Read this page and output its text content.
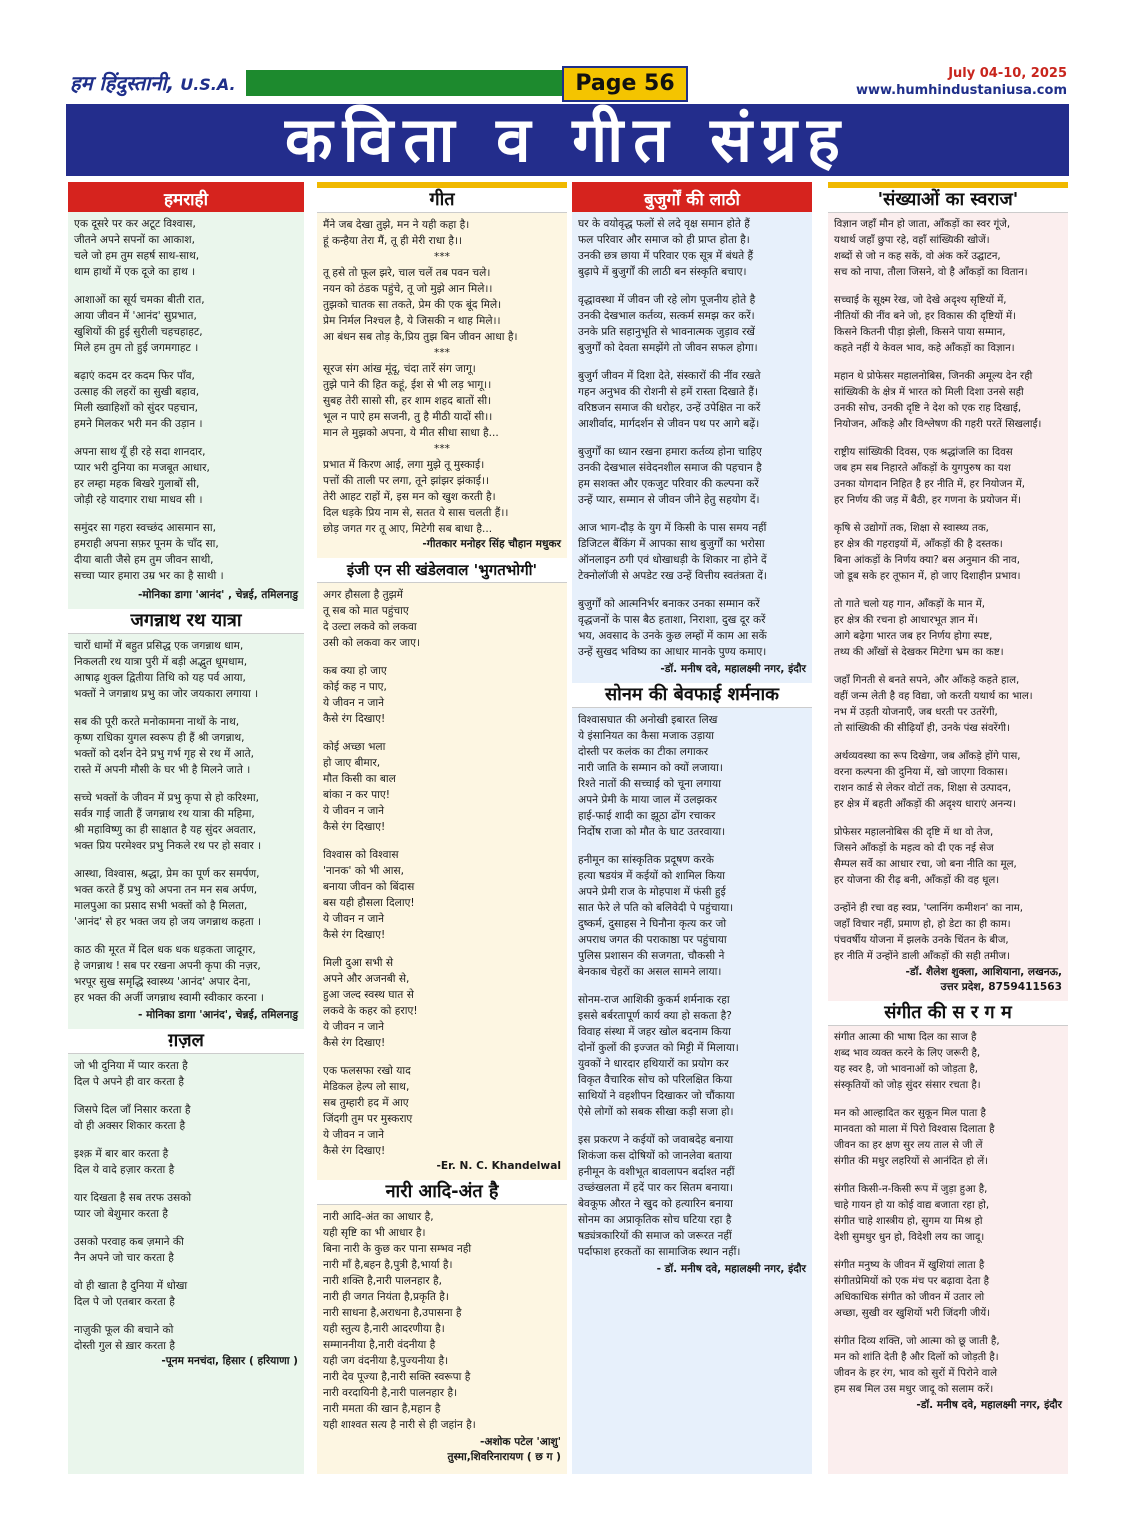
हम हिंदुस्तानी, U.S.A.	Page 56	July 04-10, 2025
www.humhindustaniusa.com
कविता व गीत संग्रह
हमराही

एक दूसरे पर कर अटूट विश्वास,
जीतने अपने सपनों का आकाश,
चले जो हम तुम सहर्ष साथ-साथ,
थाम हाथों में एक दूजे का हाथ ।

आशाओं का सूर्य चमका बीती रात,
आया जीवन में 'आनंद' सुप्रभात,
खुशियों की हुई सुरीली चहचहाहट,
मिले हम तुम तो हुई जगमगाहट ।

बढ़ाएं कदम दर कदम फिर पाँव,
उत्साह की लहरों का सुखी बहाव,
मिली ख्वाहिशों को सुंदर पहचान,
हमने मिलकर भरी मन की उड़ान ।

अपना साथ यूँ ही रहे सदा शानदार,
प्यार भरी दुनिया का मजबूत आधार,
हर लम्हा महक बिखरे गुलाबों सी,
जोड़ी रहे यादगार राधा माधव सी ।

समुंदर सा गहरा स्वच्छंद आसमान सा,
हमराही अपना सफ़र पूनम के चाँद सा,
दीया बाती जैसे हम तुम जीवन साथी,
सच्चा प्यार हमारा उम्र भर का है साथी ।

-मोनिका डागा 'आनंद' , चेन्नई, तमिलनाडु
जगन्नाथ रथ यात्रा

चारों धामों में बहुत प्रसिद्ध एक जगन्नाथ धाम,
निकलती रथ यात्रा पुरी में बड़ी अद्भुत धूमधाम,
आषाढ़ शुक्ल द्वितीया तिथि को यह पर्व आया,
भक्तों ने जगन्नाथ प्रभु का जोर जयकारा लगाया ।

सब की पूरी करते मनोकामना नाथों के नाथ,
कृष्ण राधिका युगल स्वरूप ही हैं श्री जगन्नाथ,
भक्तों को दर्शन देने प्रभु गर्भ गृह से रथ में आते,
रास्ते में अपनी मौसी के घर भी है मिलने जाते ।

सच्चे भक्तों के जीवन में प्रभु कृपा से हो करिश्मा,
सर्वत्र गाई जाती हैं जगन्नाथ रथ यात्रा की महिमा,
श्री महाविष्णु का ही साक्षात है यह सुंदर अवतार,
भक्त प्रिय परमेश्वर प्रभु निकले रथ पर हो सवार ।

आस्था, विश्वास, श्रद्धा, प्रेम का पूर्ण कर समर्पण,
भक्त करते हैं प्रभु को अपना तन मन सब अर्पण,
मालपुआ का प्रसाद सभी भक्तों को है मिलता,
'आनंद' से हर भक्त जय हो जय जगन्नाथ कहता ।

काठ की मूरत में दिल धक धक धड़कता जादूगर,
हे जगन्नाथ ! सब पर रखना अपनी कृपा की नज़र,
भरपूर सुख समृद्धि स्वास्थ्य 'आनंद' अपार देना,
हर भक्त की अर्जी जगन्नाथ स्वामी स्वीकार करना ।

- मोनिका डागा 'आनंद', चेन्नई, तमिलनाडु
ग़ज़ल

जो भी दुनिया में प्यार करता है
दिल पे अपने ही वार करता है

जिसपे दिल जाँ निसार करता है
वो ही अक्सर शिकार करता है

इश्क़ में बार बार करता है
दिल ये वादे हज़ार करता है

यार दिखता है सब तरफ उसको
प्यार जो बेशुमार करता है

उसको परवाह कब ज़माने की
नैन अपने जो चार करता है

वो ही खाता है दुनिया में धोखा
दिल पे जो एतबार करता है

नाज़ुकी फूल की बचाने को
दोस्ती गुल से ख़ार करता है

-पूनम मनचंदा, हिसार ( हरियाणा )
गीत
मैंने जब देखा तुझे, मन ने यही कहा है।
हूं कन्हैया तेरा मैं, तू ही मेरी राधा है।।
***
तू हसे तो फूल झरे, चाल चलें तब पवन चले।
नयन को ठंडक पहुंचे, तू जो मुझे आन मिले।।
तुझको चातक सा तकते, प्रेम की एक बूंद मिले।
प्रेम निर्मल निश्चल है, ये जिसकी न थाह मिले।।
आ बंधन सब तोड़ के,प्रिय तुझ बिन जीवन आधा है।
***
सूरज संग आंख मूंदू, चंदा तारें संग जागू।
तुझे पाने की हित कहूं, ईश से भी लड़ भागू।।
सुबह तेरी सासो सी, हर शाम शहद बातों सी।
भूल न पाऐ हम सजनी, तु है मीठी यादों सी।।
मान ले मुझको अपना, ये मीत सीधा साधा है...
***
प्रभात में किरण आई, लगा मुझे तू मुस्काई।
पत्तों की ताली पर लगा, तूने झांझर झंकाई।।
तेरी आहट राहों में, इस मन को खुश करती है।
दिल धड़के प्रिय नाम से, सतत ये सास चलती हैं।।
छोड़ जगत गर तू आए, मिटेगी सब बाधा है...
-गीतकार मनोहर सिंह चौहान मधुकर
इंजी एन सी खंडेलवाल 'भुगतभोगी'

अगर हौसला है तुझमें
तू सब को मात पहुंचाए
दे उल्टा लकवे को लकवा
उसी को लकवा कर जाए।

कब क्या हो जाए
कोई कह न पाए,
ये जीवन न जाने
कैसे रंग दिखाए!

कोई अच्छा भला
हो जाए बीमार,
मौत किसी का बाल
बांका न कर पाए!
ये जीवन न जाने
कैसे रंग दिखाए!

विश्वास को विश्वास
'नानक' को भी आस,
बनाया जीवन को बिंदास
बस यही हौसला दिलाए!
ये जीवन न जाने
कैसे रंग दिखाए!

मिली दुआ सभी से
अपने और अजनबी से,
हुआ जल्द स्वस्थ घात से
लकवे के कहर को हराए!
ये जीवन न जाने
कैसे रंग दिखाए!

एक फलसफा रखो याद
मेडिकल हेल्प लो साथ,
सब तुम्हारी हद में आए
जिंदगी तुम पर मुस्कराए
ये जीवन न जाने
कैसे रंग दिखाए!

-Er. N. C. Khandelwal
नारी आदि-अंत है

नारी आदि-अंत का आधार है,
यही सृष्टि का भी आधार है।
बिना नारी के कुछ कर पाना सम्भव नही
नारी माँ है,बहन है,पुत्री है,भार्या है।
नारी शक्ति है,नारी पालनहार है,
नारी ही जगत नियंता है,प्रकृति है।
नारी साधना है,अराधना है,उपासना है
यही स्तुत्य है,नारी आदरणीया है।
सम्माननीया है,नारी वंदनीया है
यही जग वंदनीया है,पुज्यनीया है।
नारी देव पूज्या है,नारी सक्ति स्वरूपा है
नारी वरदायिनी है,नारी पालनहार है।
नारी ममता की खान है,महान है
यही शाश्वत सत्य है नारी से ही जहांन है।

-अशोक पटेल 'आशु'
तुस्मा,शिवरिनारायण ( छ ग )
बुजुर्गों की लाठी

घर के वयोवृद्ध फलों से लदे वृक्ष समान होते हैं
फल परिवार और समाज को ही प्राप्त होता है।
उनकी छत्र छाया में परिवार एक सूत्र में बंधते हैं
बुढ़ापे में बुजुर्गों की लाठी बन संस्कृति बचाए।

वृद्धावस्था में जीवन जी रहे लोग पूजनीय होते है
उनकी देखभाल कर्तव्य, सत्कर्म समझ कर करें।
उनके प्रति सहानुभूति से भावनात्मक जुड़ाव रखें
बुजुर्गों को देवता समझेंगे तो जीवन सफल होगा।

बुजुर्ग जीवन में दिशा देते, संस्कारों की नींव रखते
गहन अनुभव की रोशनी से हमें रास्ता दिखाते हैं।
वरिष्ठजन समाज की धरोहर, उन्हें उपेक्षित ना करें
आशीर्वाद, मार्गदर्शन से जीवन पथ पर आगे बढ़ें।

बुजुर्गों का ध्यान रखना हमारा कर्तव्य होना चाहिए
उनकी देखभाल संवेदनशील समाज की पहचान है
हम सशक्त और एकजुट परिवार की कल्पना करें
उन्हें प्यार, सम्मान से जीवन जीने हेतु सहयोग दें।

आज भाग-दौड़ के युग में किसी के पास समय नहीं
डिजिटल बैंकिंग में आपका साथ बुजुर्गों का भरोसा
ऑनलाइन ठगी एवं धोखाधड़ी के शिकार ना होने दें
टेक्नोलॉजी से अपडेट रख उन्हें वित्तीय स्वतंत्रता दें।

बुजुर्गों को आत्मनिर्भर बनाकर उनका सम्मान करें
वृद्धजनों के पास बैठ हताशा, निराशा, दुख दूर करें
भय, अवसाद के उनके कुछ लम्हों में काम आ सकें
उन्हें सुखद भविष्य का आधार मानके पुण्य कमाए।

-डॉ. मनीष दवे, महालक्ष्मी नगर, इंदौर
सोनम की बेवफाई शर्मनाक

विश्वासघात की अनोखी इबारत लिख
ये इंसानियत का कैसा मजाक उड़ाया
दोस्ती पर कलंक का टीका लगाकर
नारी जाति के सम्मान को क्यों लजाया।
रिश्ते नातों की सच्चाई को चूना लगाया
अपने प्रेमी के माया जाल में उलझकर
हाई-फाई शादी का झूठा ढोंग रचाकर
निर्दोष राजा को मौत के घाट उतरवाया।

हनीमून का सांस्कृतिक प्रदूषण करके
हत्या षडयंत्र में कईयों को शामिल किया
अपने प्रेमी राज के मोहपाश में फंसी हुई
सात फेरे ले पति को बलिवेदी पे पहुंचाया।
दुष्कर्म, दुसाहस ने घिनौना कृत्य कर जो
अपराध जगत की पराकाष्ठा पर पहुंचाया
पुलिस प्रशासन की सजगता, चौकसी ने
बेनकाब चेहरों का असल सामने लाया।

सोनम-राज आशिकी कुकर्म शर्मनाक रहा
इससे बर्बरतापूर्ण कार्य क्या हो सकता है?
विवाह संस्था में जहर खोल बदनाम किया
दोनों कुलों की इज्जत को मिट्टी में मिलाया।
युवकों ने धारदार हथियारों का प्रयोग कर
विकृत वैचारिक सोच को परिलक्षित किया
साथियों ने वहशीपन दिखाकर जो चौंकाया
ऐसे लोगों को सबक सीखा कड़ी सजा हो।

इस प्रकरण ने कईयों को जवाबदेह बनाया
शिकंजा कस दोषियों को जानलेवा बताया
हनीमून के वशीभूत बावलापन बर्दाश्त नहीं
उच्छंखलता में हदें पार कर सितम बनाया।
बेवकूफ औरत ने खुद को हत्यारिन बनाया
सोनम का अप्राकृतिक सोच घटिया रहा है
षड्यंत्रकारियों की समाज को जरूरत नहीं
पर्दाफाश हरकतों का सामाजिक स्थान नहीं।

- डॉ. मनीष दवे, महालक्ष्मी नगर, इंदौर
'संख्याओं का स्वराज'

विज्ञान जहाँ मौन हो जाता, आँकड़ों का स्वर गूंजे,
यथार्थ जहाँ छुपा रहे, वहाँ सांख्यिकी खोजें।
शब्दों से जो न कह सकें, वो अंक करें उद्घाटन,
सच को नापा, तौला जिसने, वो है आँकड़ों का वितान।

सच्चाई के सूक्ष्म रेख, जो देखे अदृश्य सृष्टियों में,
नीतियों की नींव बने जो, हर विकास की दृष्टियों में।
किसने कितनी पीड़ा झेली, किसने पाया सम्मान,
कहते नहीं ये केवल भाव, कहे आँकड़ों का विज्ञान।

महान थे प्रोफेसर महालनोबिस, जिनकी अमूल्य देन रही
सांख्यिकी के क्षेत्र में भारत को मिली दिशा उनसे सही
उनकी सोच, उनकी दृष्टि ने देश को एक राह दिखाई,
नियोजन, आँकड़े और विश्लेषण की गहरी परतें सिखलाईं।

राष्ट्रीय सांख्यिकी दिवस, एक श्रद्धांजलि का दिवस
जब हम सब निहारते आँकड़ों के युगपुरुष का यश
उनका योगदान निहित है हर नीति में, हर नियोजन में,
हर निर्णय की जड़ में बैठी, हर गणना के प्रयोजन में।

कृषि से उद्योगों तक, शिक्षा से स्वास्थ्य तक,
हर क्षेत्र की गहराइयों में, आँकड़ों की है दस्तक।
बिना आंकड़ों के निर्णय क्या? बस अनुमान की नाव,
जो डूब सके हर तूफान में, हो जाए दिशाहीन प्रभाव।

तो गाते चलो यह गान, आँकड़ों के मान में,
हर क्षेत्र की रचना हो आधारभूत ज्ञान में।
आगे बढ़ेगा भारत जब हर निर्णय होगा स्पष्ट,
तथ्य की आँखों से देखकर मिटेगा भ्रम का कष्ट।

जहाँ गिनती से बनते सपने, और आँकड़े कहते हाल,
वहीं जन्म लेती है वह विद्या, जो करती यथार्थ का भाल।
नभ में उड़ती योजनाएँ, जब धरती पर उतरेंगी,
तो सांख्यिकी की सीढ़ियाँ ही, उनके पंख संवरेंगी।

अर्थव्यवस्था का रूप दिखेगा, जब आँकड़े होंगे पास,
वरना कल्पना की दुनिया में, खो जाएगा विकास।
राशन कार्ड से लेकर वोटों तक, शिक्षा से उत्पादन,
हर क्षेत्र में बहती आँकड़ों की अदृश्य धाराएं अनन्य।

प्रोफेसर महालनोबिस की दृष्टि में था वो तेज,
जिसने आँकड़ों के महत्व को दी एक नई सेज
सैम्पल सर्वे का आधार रचा, जो बना नीति का मूल,
हर योजना की रीढ़ बनी, आँकड़ों की वह धूल।

उन्होंने ही रचा वह स्वप्न, 'प्लानिंग कमीशन' का नाम,
जहाँ विचार नहीं, प्रमाण हो, हो डेटा का ही काम।
पंचवर्षीय योजना में झलके उनके चिंतन के बीज,
हर नीति में उन्होंने डाली आँकड़ों की सही तमीज।

-डॉ. शैलेश शुक्ला, आशियाना, लखनऊ,
उत्तर प्रदेश, 8759411563
संगीत की स र ग म

संगीत आत्मा की भाषा दिल का साज है
शब्द भाव व्यक्त करने के लिए जरूरी है,
यह स्वर है, जो भावनाओं को जोड़ता है,
संस्कृतियों को जोड़ सुंदर संसार रचता है।

मन को आल्हादित कर सुकून मिल पाता है
मानवता को माला में पिरो विश्वास दिलाता है
जीवन का हर क्षण सुर लय ताल से जी लें
संगीत की मधुर लहरियों से आनंदित हो लें।

संगीत किसी-न-किसी रूप में जुड़ा हुआ है,
चाहे गायन हो या कोई वाद्य बजाता रहा हो,
संगीत चाहे शास्त्रीय हो, सुगम या मिश्र हो
देशी सुमधुर धुन हो, विदेशी लय का जादू।

संगीत मनुष्य के जीवन में खुशियां लाता है
संगीतप्रेमियों को एक मंच पर बढ़ावा देता है
अधिकाधिक संगीत को जीवन में उतार लो
अच्छा, सुखी वर खुशियों भरी जिंदगी जीयें।

संगीत दिव्य शक्ति, जो आत्मा को छू जाती है,
मन को शांति देती है और दिलों को जोड़ती है।
जीवन के हर रंग, भाव को सुरों में पिरोने वाले
हम सब मिल उस मधुर जादू को सलाम करें।

-डॉ. मनीष दवे, महालक्ष्मी नगर, इंदौर
